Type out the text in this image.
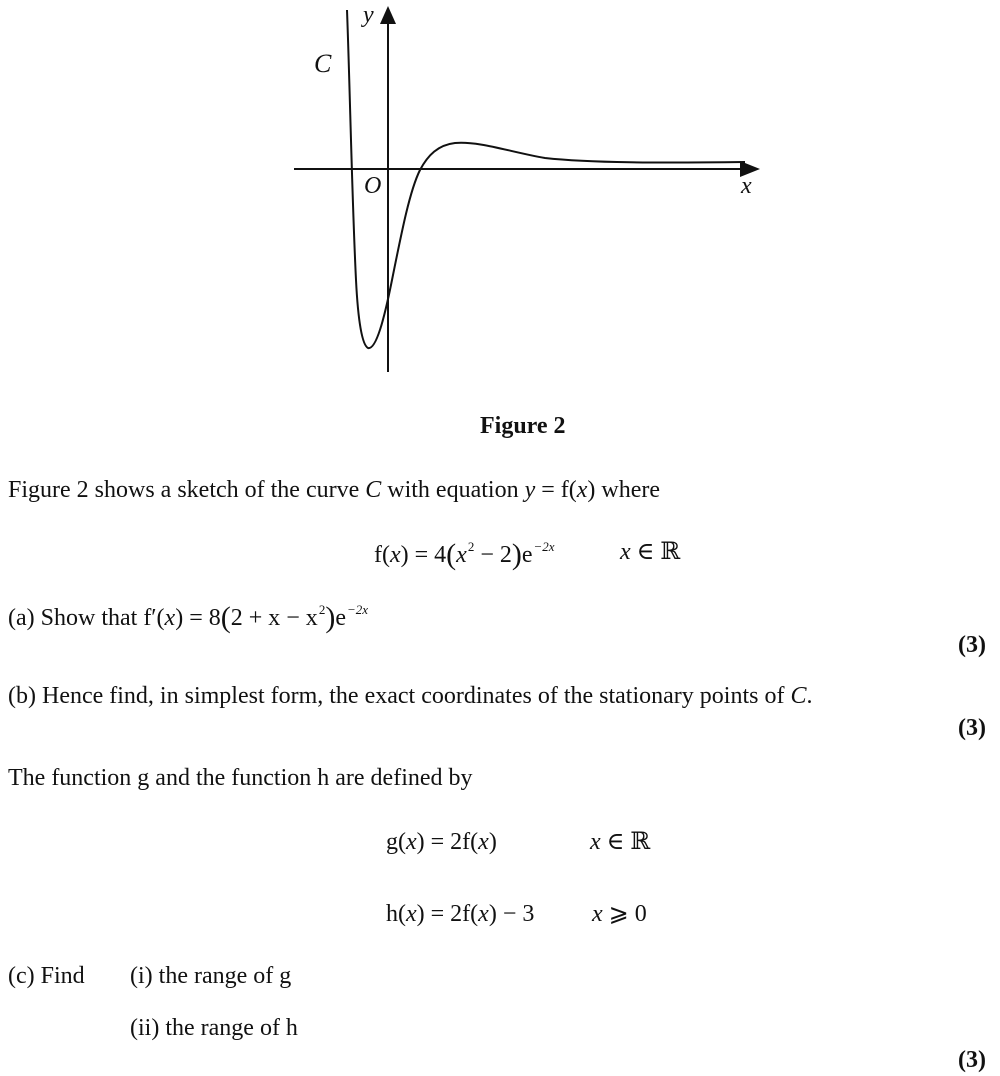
y
C
O	x
Figure 2
Figure 2 shows a sketch of the curve C with equation y = f(x) where
$f(x) = 4(x^2 - 2)e^{-2x}$	x ∈ ℝ
(a) Show that $f'(x) = 8(2 + x - x^2)e^{-2x}$
(3)
(b) Hence find, in simplest form, the exact coordinates of the stationary points of C.
(3)
The function g and the function h are defined by
g(x) = 2f(x)	x ∈ ℝ
h(x) = 2f(x) − 3 x ⩾ 0
(c) Find (i) the range of g
(ii) the range of h
(3)
